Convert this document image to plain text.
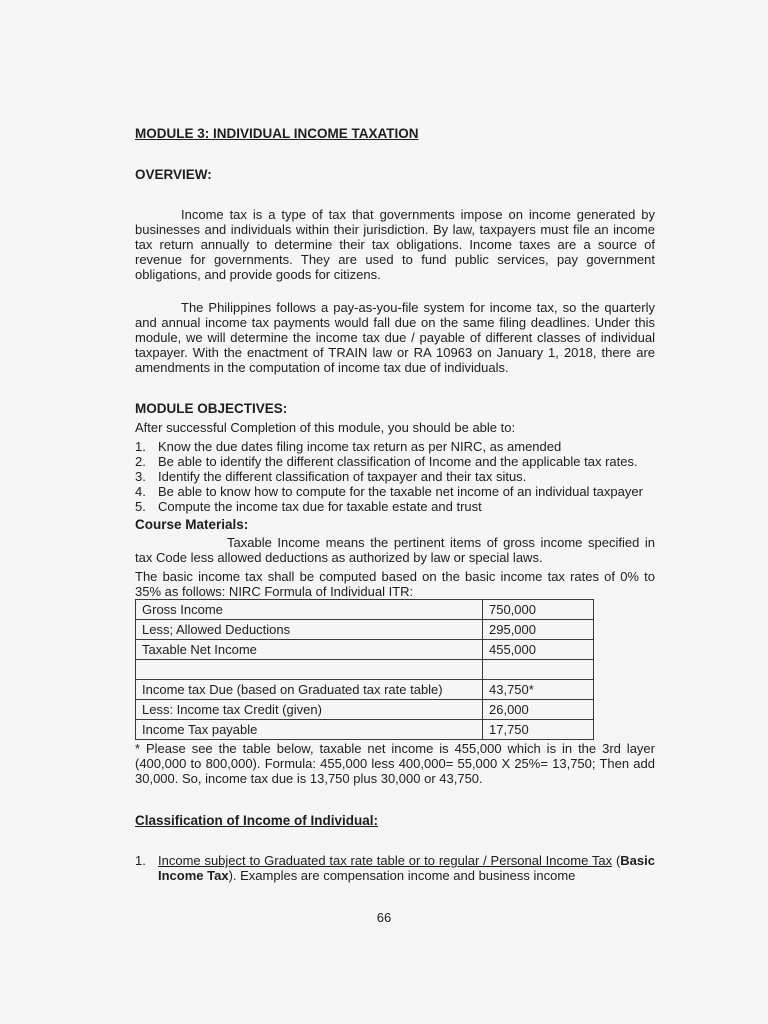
MODULE 3: INDIVIDUAL INCOME TAXATION
OVERVIEW:
Income tax is a type of tax that governments impose on income generated by businesses and individuals within their jurisdiction. By law, taxpayers must file an income tax return annually to determine their tax obligations. Income taxes are a source of revenue for governments. They are used to fund public services, pay government obligations, and provide goods for citizens.
The Philippines follows a pay-as-you-file system for income tax, so the quarterly and annual income tax payments would fall due on the same filing deadlines. Under this module, we will determine the income tax due / payable of different classes of individual taxpayer. With the enactment of TRAIN law or RA 10963 on January 1, 2018, there are amendments in the computation of income tax due of individuals.
MODULE OBJECTIVES:
After successful Completion of this module, you should be able to:
1. Know the due dates filing income tax return as per NIRC, as amended
2. Be able to identify the different classification of Income and the applicable tax rates.
3. Identify the different classification of taxpayer and their tax situs.
4. Be able to know how to compute for the taxable net income of an individual taxpayer
5. Compute the income tax due for taxable estate and trust
Course Materials:
Taxable Income means the pertinent items of gross income specified in tax Code less allowed deductions as authorized by law or special laws.
The basic income tax shall be computed based on the basic income tax rates of 0% to 35% as follows: NIRC Formula of Individual ITR:
Gross Income	750,000
Less; Allowed Deductions	295,000
Taxable Net Income	455,000

Income tax Due (based on Graduated tax rate table)	43,750*
Less: Income tax Credit (given)	26,000
Income Tax payable	17,750
* Please see the table below, taxable net income is 455,000 which is in the 3rd layer (400,000 to 800,000). Formula: 455,000 less 400,000= 55,000 X 25%= 13,750; Then add 30,000. So, income tax due is 13,750 plus 30,000 or 43,750.
Classification of Income of Individual:
1. Income subject to Graduated tax rate table or to regular / Personal Income Tax (Basic Income Tax). Examples are compensation income and business income
66
